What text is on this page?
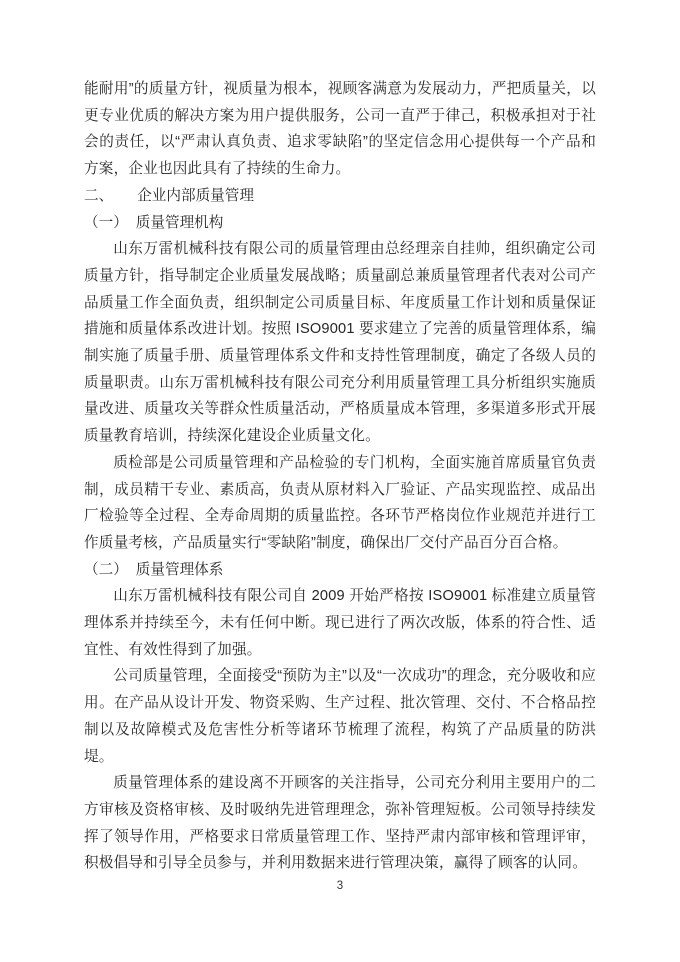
能耐用”的质量方针，视质量为根本，视顾客满意为发展动力，严把质量关，以更专业优质的解决方案为用户提供服务，公司一直严于律己，积极承担对于社会的责任，以“严肃认真负责、追求零缺陷”的坚定信念用心提供每一个产品和方案，企业也因此具有了持续的生命力。

二、 企业内部质量管理
（一） 质量管理机构

山东万雷机械科技有限公司的质量管理由总经理亲自挂帅，组织确定公司质量方针，指导制定企业质量发展战略；质量副总兼质量管理者代表对公司产品质量工作全面负责，组织制定公司质量目标、年度质量工作计划和质量保证措施和质量体系改进计划。按照 ISO9001 要求建立了完善的质量管理体系，编制实施了质量手册、质量管理体系文件和支持性管理制度，确定了各级人员的质量职责。山东万雷机械科技有限公司充分利用质量管理工具分析组织实施质量改进、质量攻关等群众性质量活动，严格质量成本管理，多渠道多形式开展质量教育培训，持续深化建设企业质量文化。

质检部是公司质量管理和产品检验的专门机构，全面实施首席质量官负责制，成员精干专业、素质高，负责从原材料入厂验证、产品实现监控、成品出厂检验等全过程、全寿命周期的质量监控。各环节严格岗位作业规范并进行工作质量考核，产品质量实行“零缺陷”制度，确保出厂交付产品百分百合格。

（二） 质量管理体系

山东万雷机械科技有限公司自 2009 开始严格按 ISO9001 标准建立质量管理体系并持续至今，未有任何中断。现已进行了两次改版，体系的符合性、适宜性、有效性得到了加强。

公司质量管理，全面接受“预防为主”以及“一次成功”的理念，充分吸收和应用。在产品从设计开发、物资采购、生产过程、批次管理、交付、不合格品控制以及故障模式及危害性分析等诸环节梳理了流程，构筑了产品质量的防洪堤。

质量管理体系的建设离不开顾客的关注指导，公司充分利用主要用户的二方审核及资格审核、及时吸纳先进管理理念，弥补管理短板。公司领导持续发挥了领导作用，严格要求日常质量管理工作、坚持严肃内部审核和管理评审，积极倡导和引导全员参与，并利用数据来进行管理决策，赢得了顾客的认同。

3
